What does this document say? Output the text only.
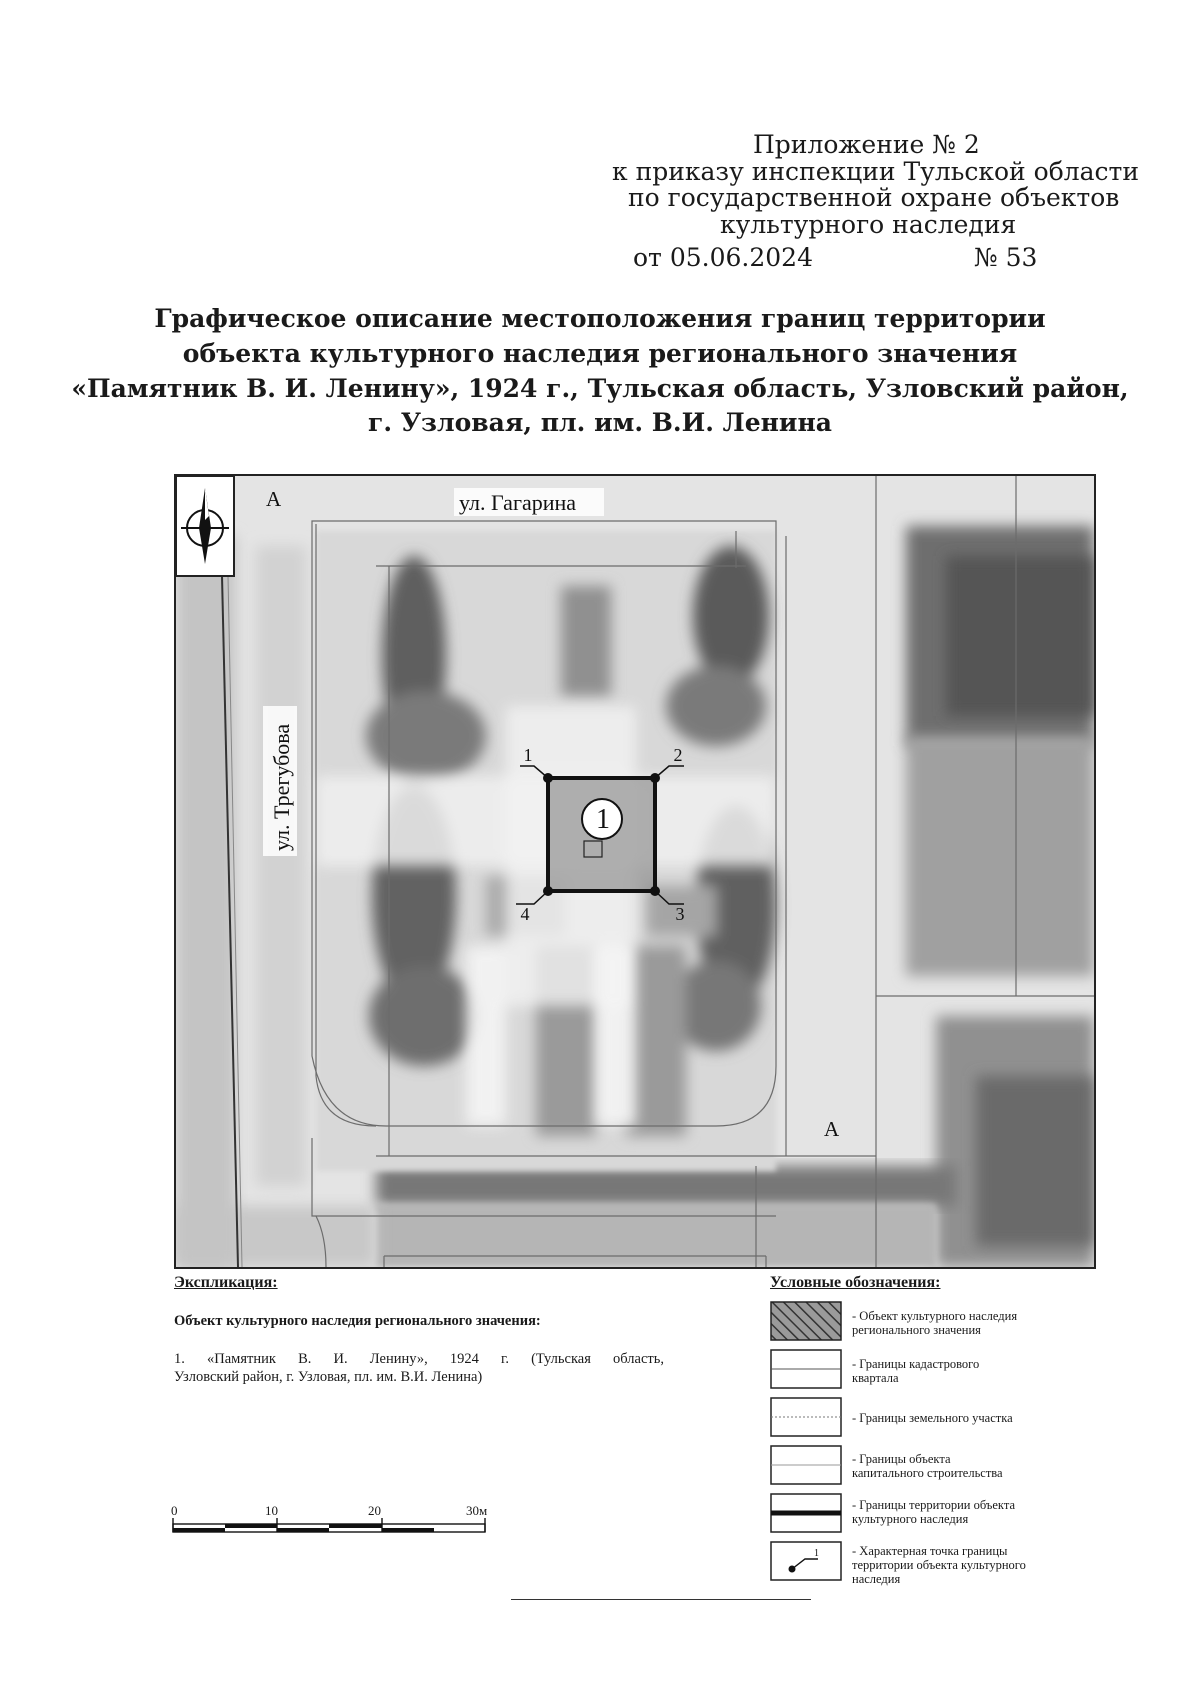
Приложение № 2
к приказу инспекции Тульской области
по государственной охране объектов
культурного наследия
от 05.06.2024	№ 53
Графическое описание местоположения границ территории
объекта культурного наследия регионального значения
«Памятник В. И. Ленину», 1924 г., Тульская область, Узловский район,
г. Узловая, пл. им. В.И. Ленина
1
1	2
3
4
А
А
ул. Гагарина
ул. Трегубова
Экспликация:
Объект культурного наследия регионального значения:
1. «Памятник В. И. Ленину», 1924 г. (Тульская область,
Узловский район, г. Узловая, пл. им. В.И. Ленина)
0	10	20	30м
Условные обозначения:
- Объект культурного наследия
регионального значения
- Границы кадастрового
квартала
- Границы земельного участка
- Границы объекта
капитального строительства
- Границы территории объекта
культурного наследия
1	- Характерная точка границы
территории объекта культурного
наследия
